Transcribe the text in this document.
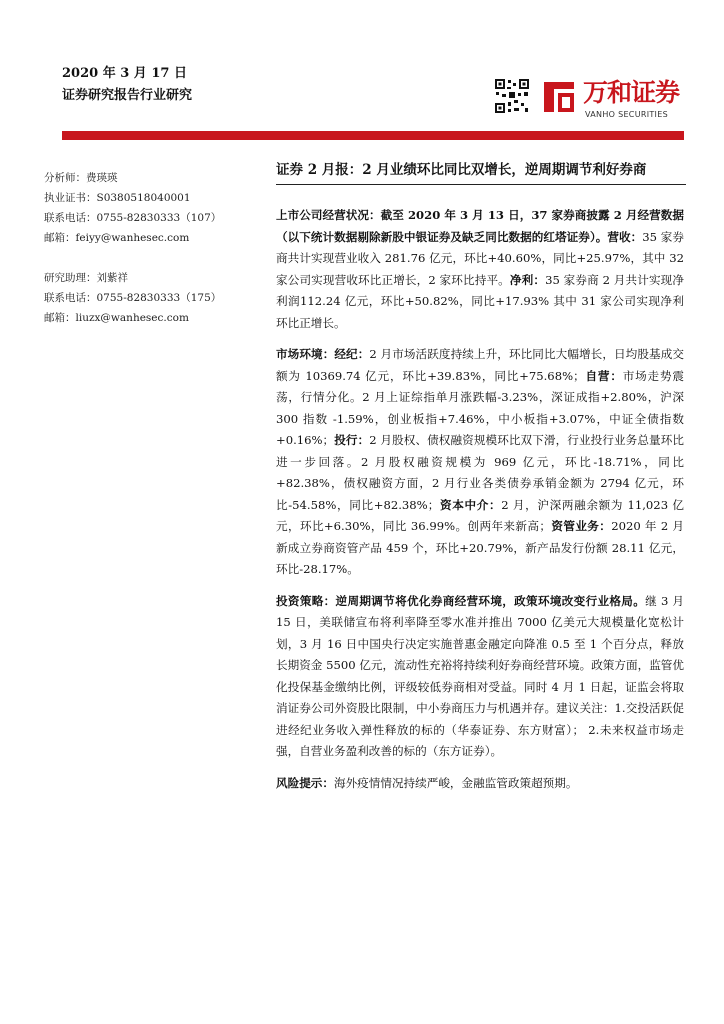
2020 年 3 月 17 日
证券研究报告行业研究	万和证券
VANHO SECURITIES
分析师：费瑛瑛
执业证书：S0380518040001
联系电话：0755-82830333（107）
邮箱：feiyy@wanhesec.com
研究助理：刘紫祥
联系电话：0755-82830333（175）
邮箱：liuzx@wanhesec.com
证券 2 月报：2 月业绩环比同比双增长，逆周期调节利好券商

上市公司经营状况：截至 2020 年 3 月 13 日，37 家券商披露 2 月经营数据（以下统计数据剔除新股中银证券及缺乏同比数据的红塔证券）。营收：35 家券商共计实现营业收入 281.76 亿元，环比+40.60%，同比+25.97%，其中 32 家公司实现营收环比正增长，2 家环比持平。净利：35 家券商 2 月共计实现净利润112.24 亿元，环比+50.82%，同比+17.93% 其中 31 家公司实现净利环比正增长。

市场环境：经纪：2 月市场活跃度持续上升，环比同比大幅增长，日均股基成交额为 10369.74 亿元，环比+39.83%，同比+75.68%；自营：市场走势震荡，行情分化。2 月上证综指单月涨跌幅-3.23%，深证成指+2.80%，沪深 300 指数 -1.59%，创业板指+7.46%，中小板指+3.07%，中证全债指数+0.16%；投行：2 月股权、债权融资规模环比双下滑，行业投行业务总量环比进一步回落。2 月股权融资规模为 969 亿元，环比-18.71%，同比+82.38%，债权融资方面，2 月行业各类债券承销金额为 2794 亿元，环比-54.58%，同比+82.38%；资本中介：2 月，沪深两融余额为 11,023 亿元，环比+6.30%，同比 36.99%。创两年来新高；资管业务：2020 年 2 月新成立券商资管产品 459 个，环比+20.79%，新产品发行份额 28.11 亿元，环比-28.17%。

投资策略：逆周期调节将优化券商经营环境，政策环境改变行业格局。继 3 月 15 日，美联储宣布将利率降至零水准并推出 7000 亿美元大规模量化宽松计划，3 月 16 日中国央行决定实施普惠金融定向降准 0.5 至 1 个百分点，释放长期资金 5500 亿元，流动性充裕将持续利好券商经营环境。政策方面，监管优化投保基金缴纳比例，评级较低券商相对受益。同时 4 月 1 日起，证监会将取消证券公司外资股比限制，中小券商压力与机遇并存。建议关注：1.交投活跃促进经纪业务收入弹性释放的标的（华泰证券、东方财富）； 2.未来权益市场走强，自营业务盈利改善的标的（东方证券）。

风险提示：海外疫情情况持续严峻，金融监管政策超预期。
